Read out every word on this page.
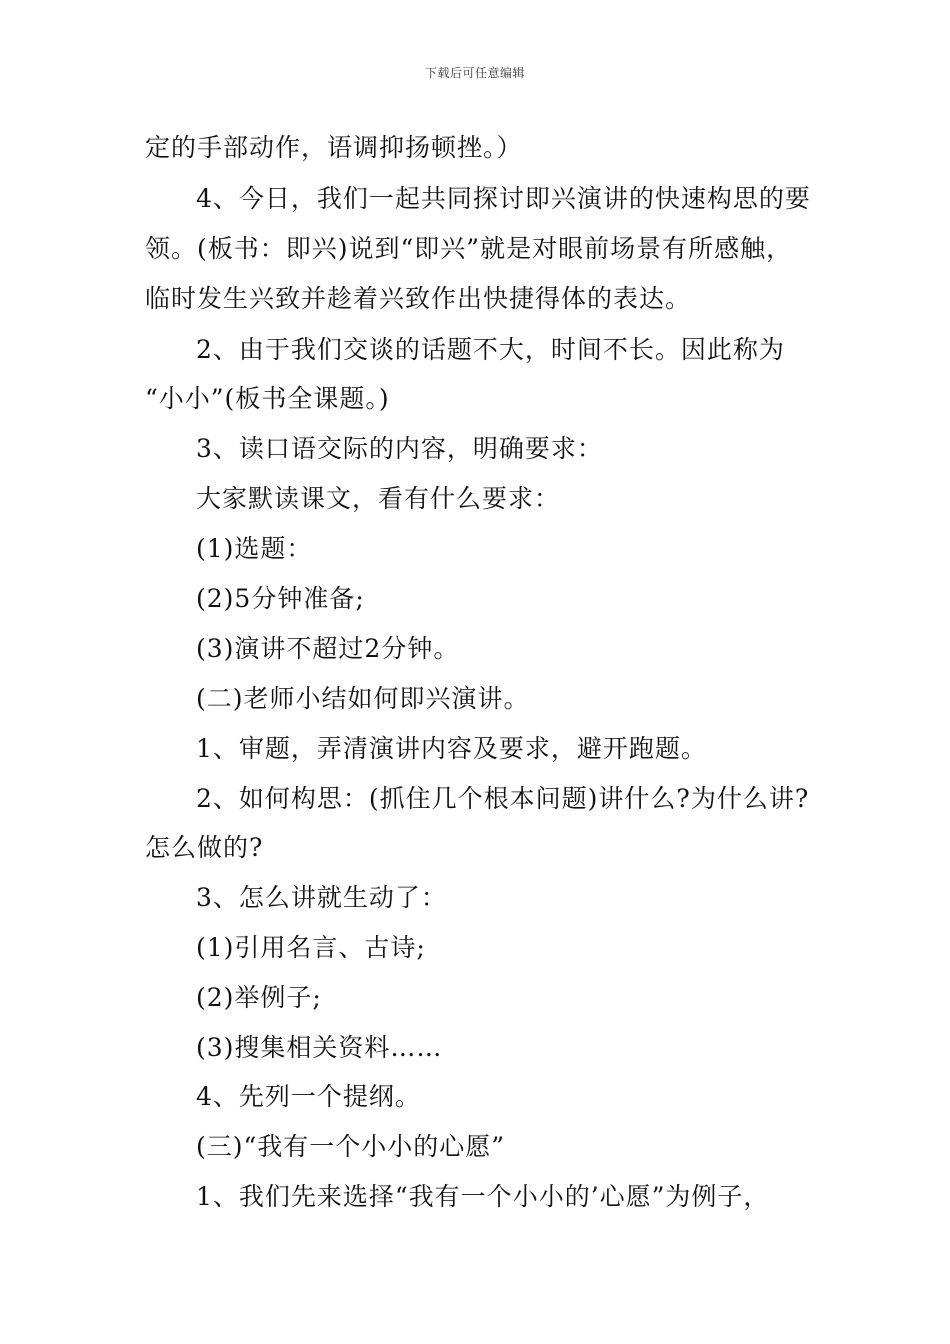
下载后可任意编辑
定的手部动作，语调抑扬顿挫。）
4、今日，我们一起共同探讨即兴演讲的快速构思的要
领。(板书：即兴)说到“即兴”就是对眼前场景有所感触，
临时发生兴致并趁着兴致作出快捷得体的表达。
2、由于我们交谈的话题不大，时间不长。因此称为
“小小”(板书全课题。)
3、读口语交际的内容，明确要求：
大家默读课文，看有什么要求：
(1)选题：
(2)5分钟准备;
(3)演讲不超过2分钟。
(二)老师小结如何即兴演讲。
1、审题，弄清演讲内容及要求，避开跑题。
2、如何构思：(抓住几个根本问题)讲什么?为什么讲?
怎么做的?
3、怎么讲就生动了：
(1)引用名言、古诗;
(2)举例子;
(3)搜集相关资料……
4、先列一个提纲。
(三)“我有一个小小的心愿”
1、我们先来选择“我有一个小小的’心愿”为例子，
